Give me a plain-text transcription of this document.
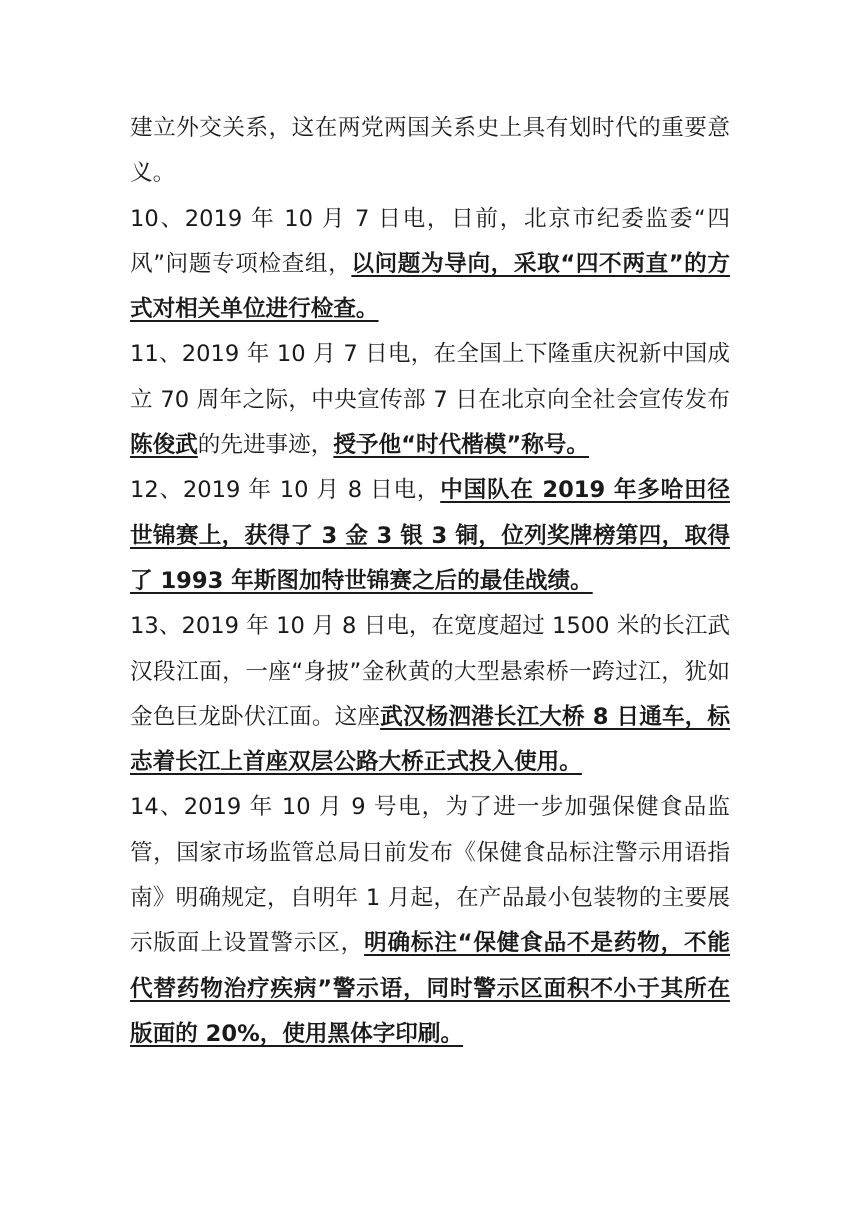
建立外交关系，这在两党两国关系史上具有划时代的重要意义。

10、2019 年 10 月 7 日电，日前，北京市纪委监委“四风”问题专项检查组，以问题为导向，采取“四不两直”的方式对相关单位进行检查。

11、2019 年 10 月 7 日电，在全国上下隆重庆祝新中国成立 70 周年之际，中央宣传部 7 日在北京向全社会宣传发布陈俊武的先进事迹，授予他“时代楷模”称号。

12、2019 年 10 月 8 日电，中国队在 2019 年多哈田径世锦赛上，获得了 3 金 3 银 3 铜，位列奖牌榜第四，取得了 1993 年斯图加特世锦赛之后的最佳战绩。

13、2019 年 10 月 8 日电，在宽度超过 1500 米的长江武汉段江面，一座“身披”金秋黄的大型悬索桥一跨过江，犹如金色巨龙卧伏江面。这座武汉杨泗港长江大桥 8 日通车，标志着长江上首座双层公路大桥正式投入使用。

14、2019 年 10 月 9 号电，为了进一步加强保健食品监管，国家市场监管总局日前发布《保健食品标注警示用语指南》明确规定，自明年 1 月起，在产品最小包装物的主要展示版面上设置警示区，明确标注“保健食品不是药物，不能代替药物治疗疾病”警示语，同时警示区面积不小于其所在版面的 20%，使用黑体字印刷。
